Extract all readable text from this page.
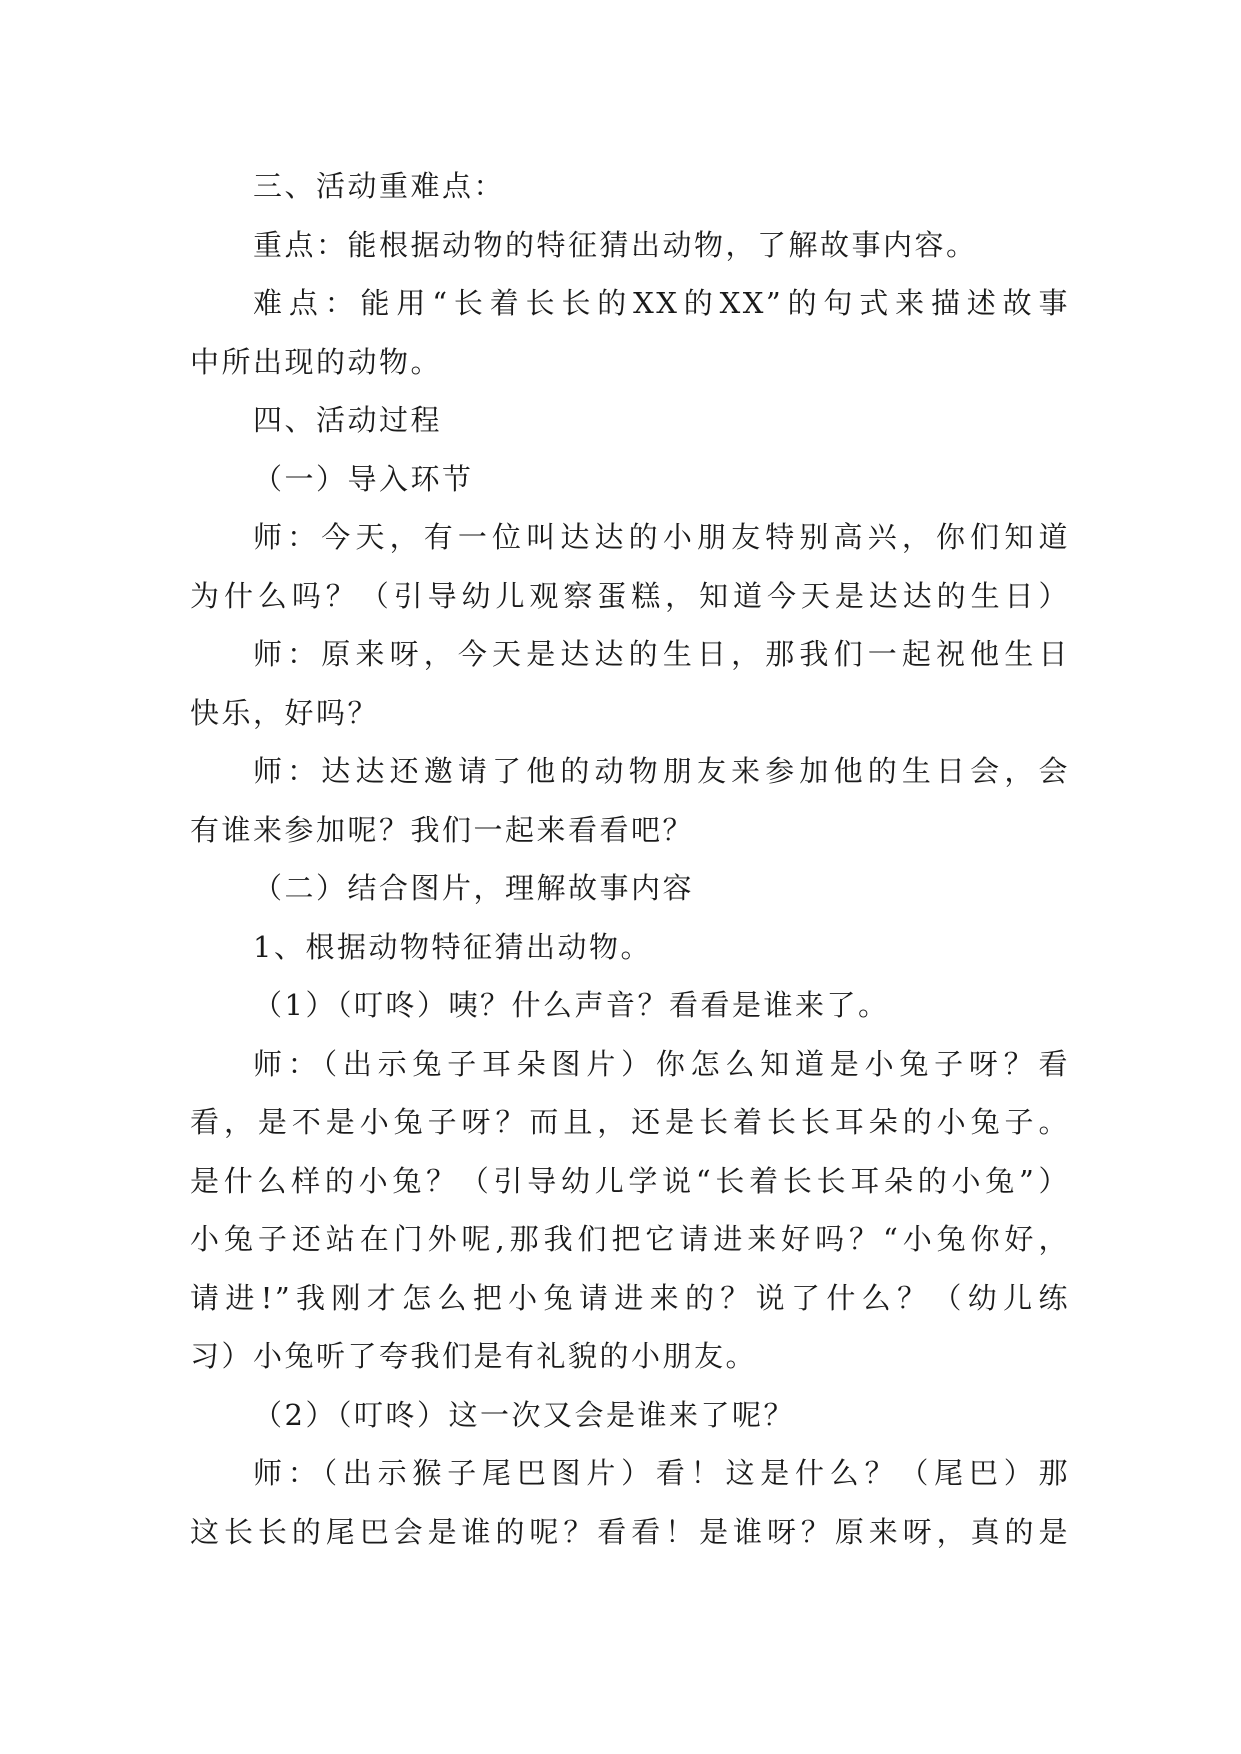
三、活动重难点：
重点：能根据动物的特征猜出动物，了解故事内容。
难点：能用“长着长长的XX的XX”的句式来描述故事
中所出现的动物。
四、活动过程
（一）导入环节
师：今天，有一位叫达达的小朋友特别高兴，你们知道
为什么吗？（引导幼儿观察蛋糕，知道今天是达达的生日）
师：原来呀，今天是达达的生日，那我们一起祝他生日
快乐，好吗？
师：达达还邀请了他的动物朋友来参加他的生日会，会
有谁来参加呢？我们一起来看看吧？
（二）结合图片，理解故事内容
1、根据动物特征猜出动物。
（1）（叮咚）咦？什么声音？看看是谁来了。
师：（出示兔子耳朵图片）你怎么知道是小兔子呀？看
看，是不是小兔子呀？而且，还是长着长长耳朵的小兔子。
是什么样的小兔？（引导幼儿学说“长着长长耳朵的小兔”）
小兔子还站在门外呢,那我们把它请进来好吗？“小兔你好，
请进!”我刚才怎么把小兔请进来的？说了什么？（幼儿练
习）小兔听了夸我们是有礼貌的小朋友。
（2）（叮咚）这一次又会是谁来了呢？
师：（出示猴子尾巴图片）看！这是什么？（尾巴）那
这长长的尾巴会是谁的呢？看看！是谁呀？原来呀，真的是
